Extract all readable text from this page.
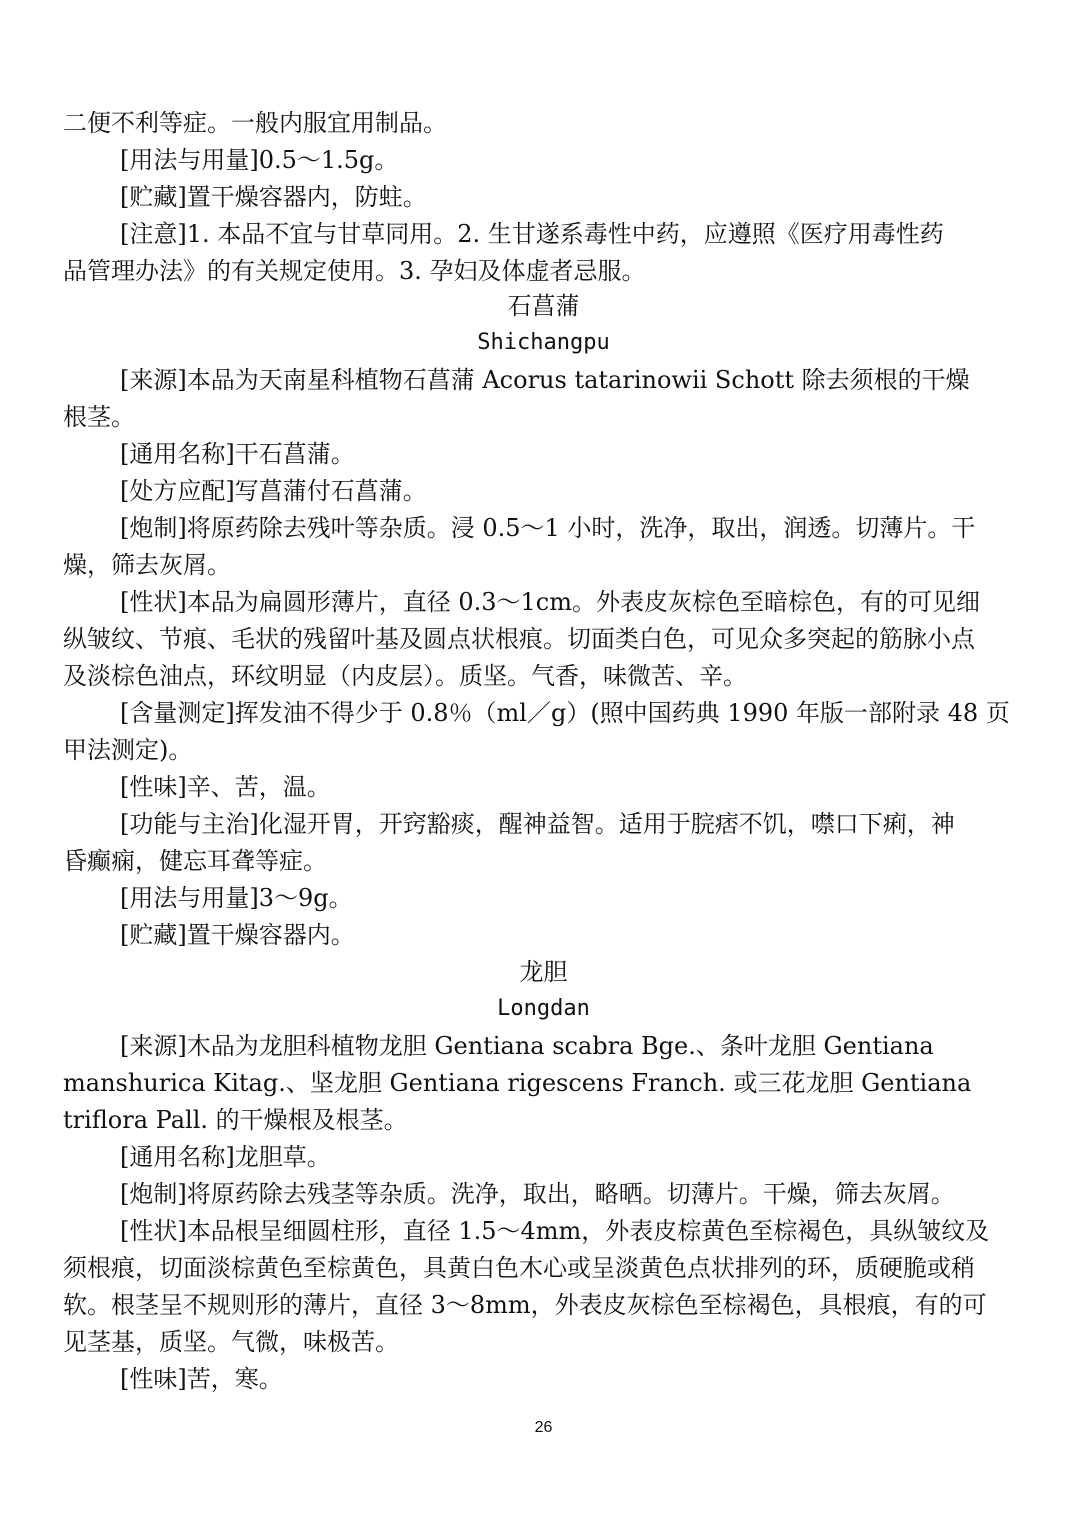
二便不利等症。一般内服宜用制品。
[用法与用量]0.5～1.5g。
[贮藏]置干燥容器内，防蛀。
[注意]1. 本品不宜与甘草同用。2. 生甘遂系毒性中药，应遵照《医疗用毒性药
品管理办法》的有关规定使用。3. 孕妇及体虚者忌服。
石菖蒲
Shichangpu
[来源]本品为天南星科植物石菖蒲 Acorus tatarinowii Schott 除去须根的干燥
根茎。
[通用名称]干石菖蒲。
[处方应配]写菖蒲付石菖蒲。
[炮制]将原药除去残叶等杂质。浸 0.5～1 小时，洗净，取出，润透。切薄片。干
燥，筛去灰屑。
[性状]本品为扁圆形薄片，直径 0.3～1cm。外表皮灰棕色至暗棕色，有的可见细
纵皱纹、节痕、毛状的残留叶基及圆点状根痕。切面类白色，可见众多突起的筋脉小点
及淡棕色油点，环纹明显（内皮层）。质坚。气香，味微苦、辛。
[含量测定]挥发油不得少于 0.8％（ml／g）(照中国药典 1990 年版一部附录 48 页
甲法测定)。
[性味]辛、苦，温。
[功能与主治]化湿开胃，开窍豁痰，醒神益智。适用于脘痞不饥，噤口下痢，神
昏癫痫，健忘耳聋等症。
[用法与用量]3～9g。
[贮藏]置干燥容器内。
龙胆
Longdan
[来源]木品为龙胆科植物龙胆 Gentiana scabra Bge.、条叶龙胆 Gentiana
manshurica Kitag.、坚龙胆 Gentiana rigescens Franch. 或三花龙胆 Gentiana
triflora Pall. 的干燥根及根茎。
[通用名称]龙胆草。
[炮制]将原药除去残茎等杂质。洗净，取出，略晒。切薄片。干燥，筛去灰屑。
[性状]本品根呈细圆柱形，直径 1.5～4mm，外表皮棕黄色至棕褐色，具纵皱纹及
须根痕，切面淡棕黄色至棕黄色，具黄白色木心或呈淡黄色点状排列的环，质硬脆或稍
软。根茎呈不规则形的薄片，直径 3～8mm，外表皮灰棕色至棕褐色，具根痕，有的可
见茎基，质坚。气微，味极苦。
[性味]苦，寒。
26
